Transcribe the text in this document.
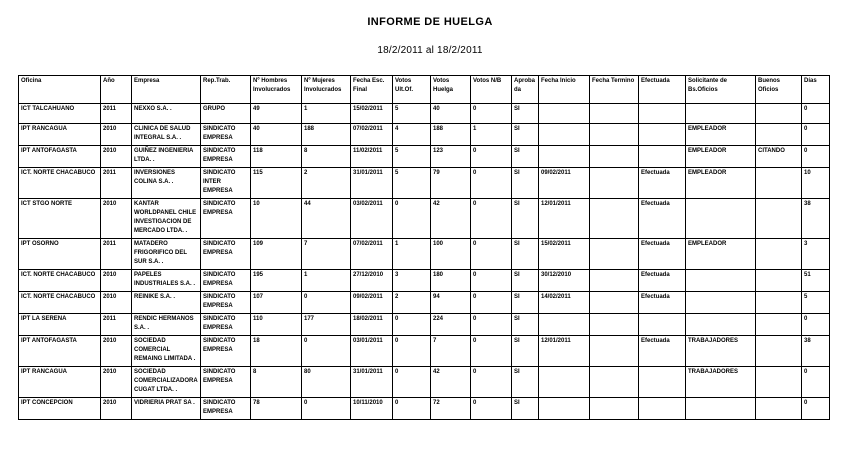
INFORME DE HUELGA
18/2/2011 al 18/2/2011
Oficina	Año	Empresa	Rep.Trab.	Nº Hombres Involucrados	Nº Mujeres Involucrados	Fecha Esc. Final	Votos Ult.Of.	Votos Huelga	Votos N/B	Aprobada	Fecha Inicio	Fecha Termino	Efectuada	Solicitante de Bs.Oficios	Buenos Oficios	Días
ICT TALCAHUANO	2011	NEXXO S.A. .	GRUPO	49	1	15/02/2011	5	40	0	SI						0
IPT RANCAGUA	2010	CLINICA DE SALUD INTEGRAL S.A. .	SINDICATO EMPRESA	40	188	07/02/2011	4	188	1	SI				EMPLEADOR		0
IPT ANTOFAGASTA	2010	GUIÑEZ INGENIERIA LTDA. .	SINDICATO EMPRESA	118	8	11/02/2011	5	123	0	SI				EMPLEADOR	CITANDO	0
ICT. NORTE CHACABUCO	2011	INVERSIONES COLINA S.A. .	SINDICATO INTER EMPRESA	115	2	31/01/2011	5	79	0	SI	09/02/2011		Efectuada	EMPLEADOR		10
ICT STGO NORTE	2010	KANTAR WORLDPANEL CHILE INVESTIGACION DE MERCADO LTDA. .	SINDICATO EMPRESA	10	44	03/02/2011	0	42	0	SI	12/01/2011		Efectuada			38
IPT OSORNO	2011	MATADERO FRIGORIFICO DEL SUR S.A. .	SINDICATO EMPRESA	109	7	07/02/2011	1	100	0	SI	15/02/2011		Efectuada	EMPLEADOR		3
ICT. NORTE CHACABUCO	2010	PAPELES INDUSTRIALES S.A. .	SINDICATO EMPRESA	195	1	27/12/2010	3	180	0	SI	30/12/2010		Efectuada			51
ICT. NORTE CHACABUCO	2010	REINIKE S.A. .	SINDICATO EMPRESA	107	0	09/02/2011	2	94	0	SI	14/02/2011		Efectuada			5
IPT LA SERENA	2011	RENDIC HERMANOS S.A. .	SINDICATO EMPRESA	110	177	18/02/2011	0	224	0	SI						0
IPT ANTOFAGASTA	2010	SOCIEDAD COMERCIAL REMAING LIMITADA .	SINDICATO EMPRESA	18	0	03/01/2011	0	7	0	SI	12/01/2011		Efectuada	TRABAJADORES		38
IPT RANCAGUA	2010	SOCIEDAD COMERCIALIZADORA CUGAT LTDA. .	SINDICATO EMPRESA	8	80	31/01/2011	0	42	0	SI				TRABAJADORES		0
IPT CONCEPCION	2010	VIDRIERIA PRAT SA .	SINDICATO EMPRESA	78	0	10/11/2010	0	72	0	SI						0
